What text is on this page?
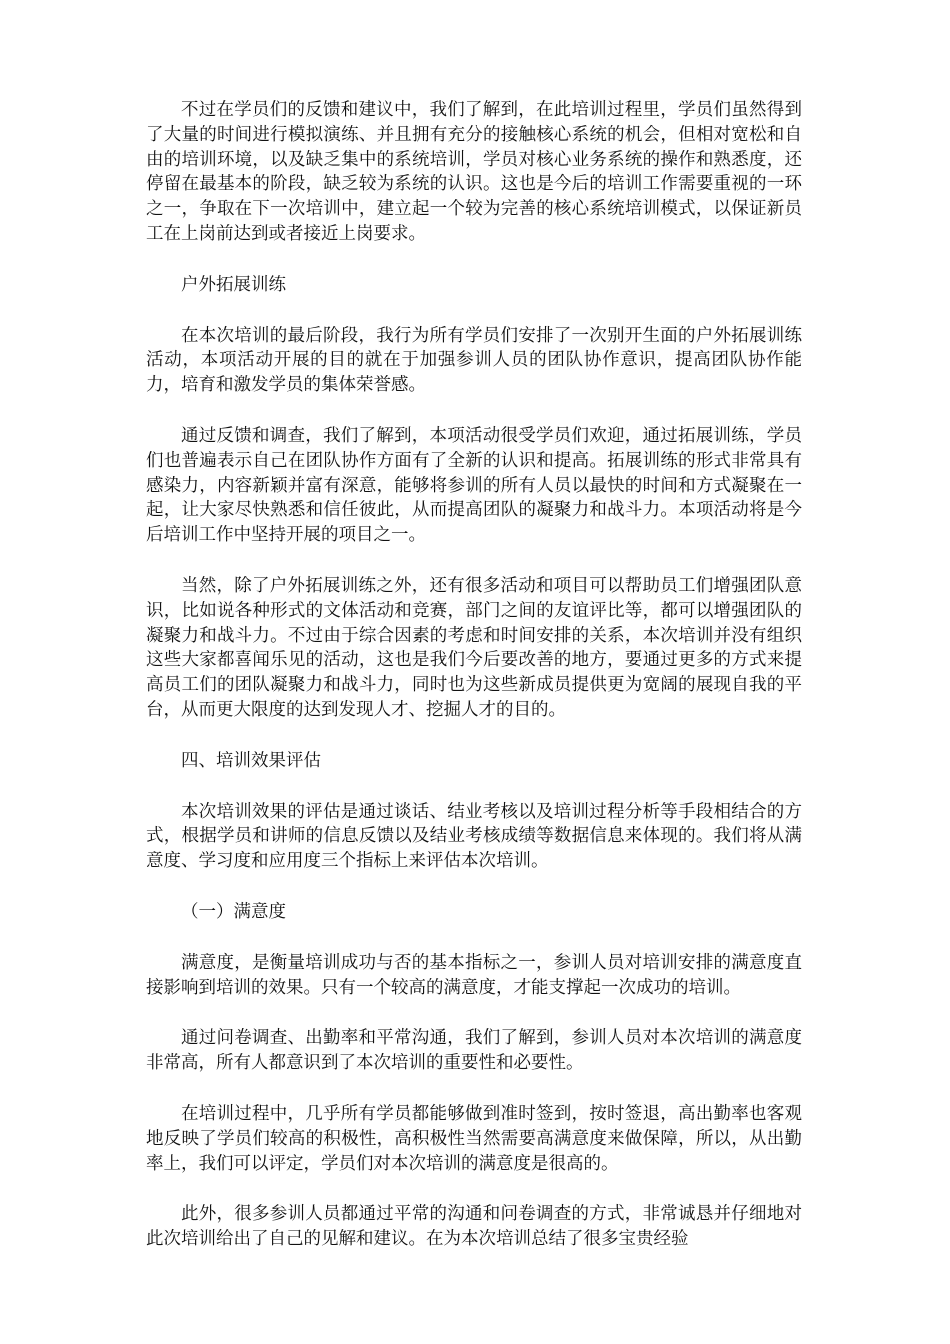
不过在学员们的反馈和建议中，我们了解到，在此培训过程里，学员们虽然得到了大量的时间进行模拟演练、并且拥有充分的接触核心系统的机会，但相对宽松和自由的培训环境，以及缺乏集中的系统培训，学员对核心业务系统的操作和熟悉度，还停留在最基本的阶段，缺乏较为系统的认识。这也是今后的培训工作需要重视的一环之一，争取在下一次培训中，建立起一个较为完善的核心系统培训模式，以保证新员工在上岗前达到或者接近上岗要求。

户外拓展训练

在本次培训的最后阶段，我行为所有学员们安排了一次别开生面的户外拓展训练活动，本项活动开展的目的就在于加强参训人员的团队协作意识，提高团队协作能力，培育和激发学员的集体荣誉感。

通过反馈和调查，我们了解到，本项活动很受学员们欢迎，通过拓展训练，学员们也普遍表示自己在团队协作方面有了全新的认识和提高。拓展训练的形式非常具有感染力，内容新颖并富有深意，能够将参训的所有人员以最快的时间和方式凝聚在一起，让大家尽快熟悉和信任彼此，从而提高团队的凝聚力和战斗力。本项活动将是今后培训工作中坚持开展的项目之一。

当然，除了户外拓展训练之外，还有很多活动和项目可以帮助员工们增强团队意识，比如说各种形式的文体活动和竞赛，部门之间的友谊评比等，都可以增强团队的凝聚力和战斗力。不过由于综合因素的考虑和时间安排的关系，本次培训并没有组织这些大家都喜闻乐见的活动，这也是我们今后要改善的地方，要通过更多的方式来提高员工们的团队凝聚力和战斗力，同时也为这些新成员提供更为宽阔的展现自我的平台，从而更大限度的达到发现人才、挖掘人才的目的。

四、培训效果评估

本次培训效果的评估是通过谈话、结业考核以及培训过程分析等手段相结合的方式，根据学员和讲师的信息反馈以及结业考核成绩等数据信息来体现的。我们将从满意度、学习度和应用度三个指标上来评估本次培训。

（一）满意度

满意度，是衡量培训成功与否的基本指标之一，参训人员对培训安排的满意度直接影响到培训的效果。只有一个较高的满意度，才能支撑起一次成功的培训。

通过问卷调查、出勤率和平常沟通，我们了解到，参训人员对本次培训的满意度非常高，所有人都意识到了本次培训的重要性和必要性。

在培训过程中，几乎所有学员都能够做到准时签到，按时签退，高出勤率也客观地反映了学员们较高的积极性，高积极性当然需要高满意度来做保障，所以，从出勤率上，我们可以评定，学员们对本次培训的满意度是很高的。

此外，很多参训人员都通过平常的沟通和问卷调查的方式，非常诚恳并仔细地对此次培训给出了自己的见解和建议。在为本次培训总结了很多宝贵经验
